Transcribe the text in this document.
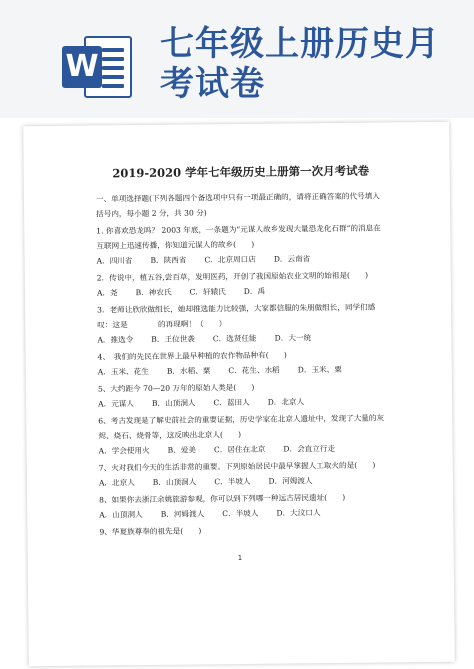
W
七年级上册历史月考试卷
2019-2020 学年七年级历史上册第一次月考试卷

一、单项选择题(下列各题四个备选项中只有一项最正确的，请将正确答案的代号填入括号内，每小题 2 分，共 30 分)

1. 你喜欢恐龙吗？ 2003 年底，一条题为“元谋人故乡发现大量恐龙化石群”的消息在互联网上迅速传播，你知道元谋人的故乡(　　)

A．四川省 B．陕西省 C．北京周口店 D．云南省

2．传说中，植五谷,尝百草，发明医药，开创了我国原始农业文明的始祖是(　　)

A．尧 B．神农氏 C．轩辕氏 D．禹

3．老师让欣欣做组长，她却推选能力比较强，大家都信服的朱朋做组长，同学们感叹：这是　　　　的再现啊！（　　）

A．推选令 B．王位世袭 C．选贤任能 D．大一统

4、　我们的先民在世界上最早种植的农作物品种有(　　)

A．玉米、花生 B．水稻、粟 C．花生、水稻 D．玉米、粟

5、大约距今 70—20 万年的原始人类是(　　)

A．元谋人 B．山顶洞人 C．蓝田人 D．北京人

6、考古发现是了解史前社会的重要证据，历史学家在北京人遗址中，发现了大量的灰烬、烧石、烧骨等，这反映出北京人(　　)

A．学会使用火 B．爱美 C．居住在北京 D．会直立行走

7、火对我们今天的生活非常的重要。下列原始居民中最早掌握人工取火的是(　　)

A．北京人 B．山顶洞人 C．半坡人 D．河姆渡人

8、如果你去浙江余姚旅游参观，你可以到下列哪一种远古居民遗址(　　)

A．山顶洞人 B．河姆渡人 C．半坡人 D．大汶口人

9、华夏族尊奉的祖先是(　　)

1
